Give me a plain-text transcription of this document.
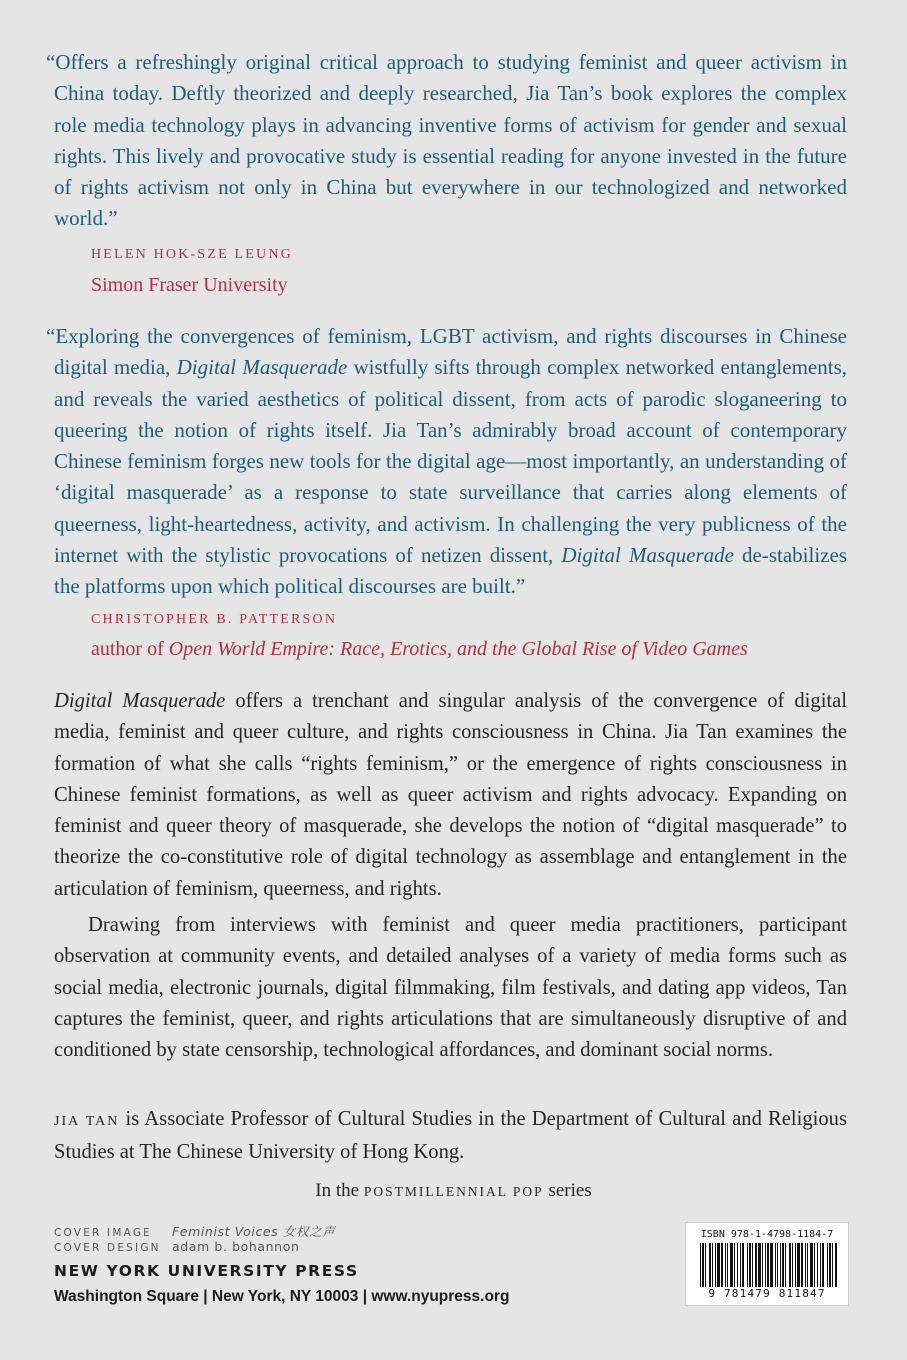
“Offers a refreshingly original critical approach to studying feminist and queer activism in China today. Deftly theorized and deeply researched, Jia Tan’s book explores the complex role media technology plays in advancing inventive forms of activism for gender and sexual rights. This lively and provocative study is essential reading for anyone invested in the future of rights activism not only in China but everywhere in our technologized and networked world.”

HELEN HOK-SZE LEUNG
Simon Fraser University

“Exploring the convergences of feminism, LGBT activism, and rights discourses in Chinese digital media, Digital Masquerade wistfully sifts through complex networked entanglements, and reveals the varied aesthetics of political dissent, from acts of parodic sloganeering to queering the notion of rights itself. Jia Tan’s admirably broad account of contemporary Chinese feminism forges new tools for the digital age—most importantly, an understanding of ‘digital masquerade’ as a response to state surveillance that carries along elements of queerness, light-heartedness, activity, and activism. In challenging the very publicness of the internet with the stylistic provocations of netizen dissent, Digital Masquerade de-stabilizes the platforms upon which political discourses are built.”

CHRISTOPHER B. PATTERSON
author of Open World Empire: Race, Erotics, and the Global Rise of Video Games

Digital Masquerade offers a trenchant and singular analysis of the convergence of digital media, feminist and queer culture, and rights consciousness in China. Jia Tan examines the formation of what she calls “rights feminism,” or the emergence of rights consciousness in Chinese feminist formations, as well as queer activism and rights advocacy. Expanding on feminist and queer theory of masquerade, she develops the notion of “digital masquerade” to theorize the co-constitutive role of digital technology as assemblage and entanglement in the articulation of feminism, queerness, and rights.

Drawing from interviews with feminist and queer media practitioners, participant observation at community events, and detailed analyses of a variety of media forms such as social media, electronic journals, digital filmmaking, film festivals, and dating app videos, Tan captures the feminist, queer, and rights articulations that are simultaneously disruptive of and conditioned by state censorship, technological affordances, and dominant social norms.

JIA TAN is Associate Professor of Cultural Studies in the Department of Cultural and Religious Studies at The Chinese University of Hong Kong.

In the POSTMILLENNIAL POP series
COVER IMAGE Feminist Voices 女权之声
COVER DESIGN adam b. bohannon
NEW YORK UNIVERSITY PRESS
Washington Square | New York, NY 10003 | www.nyupress.org
ISBN 978-1-4798-1184-7
9 781479 811847
